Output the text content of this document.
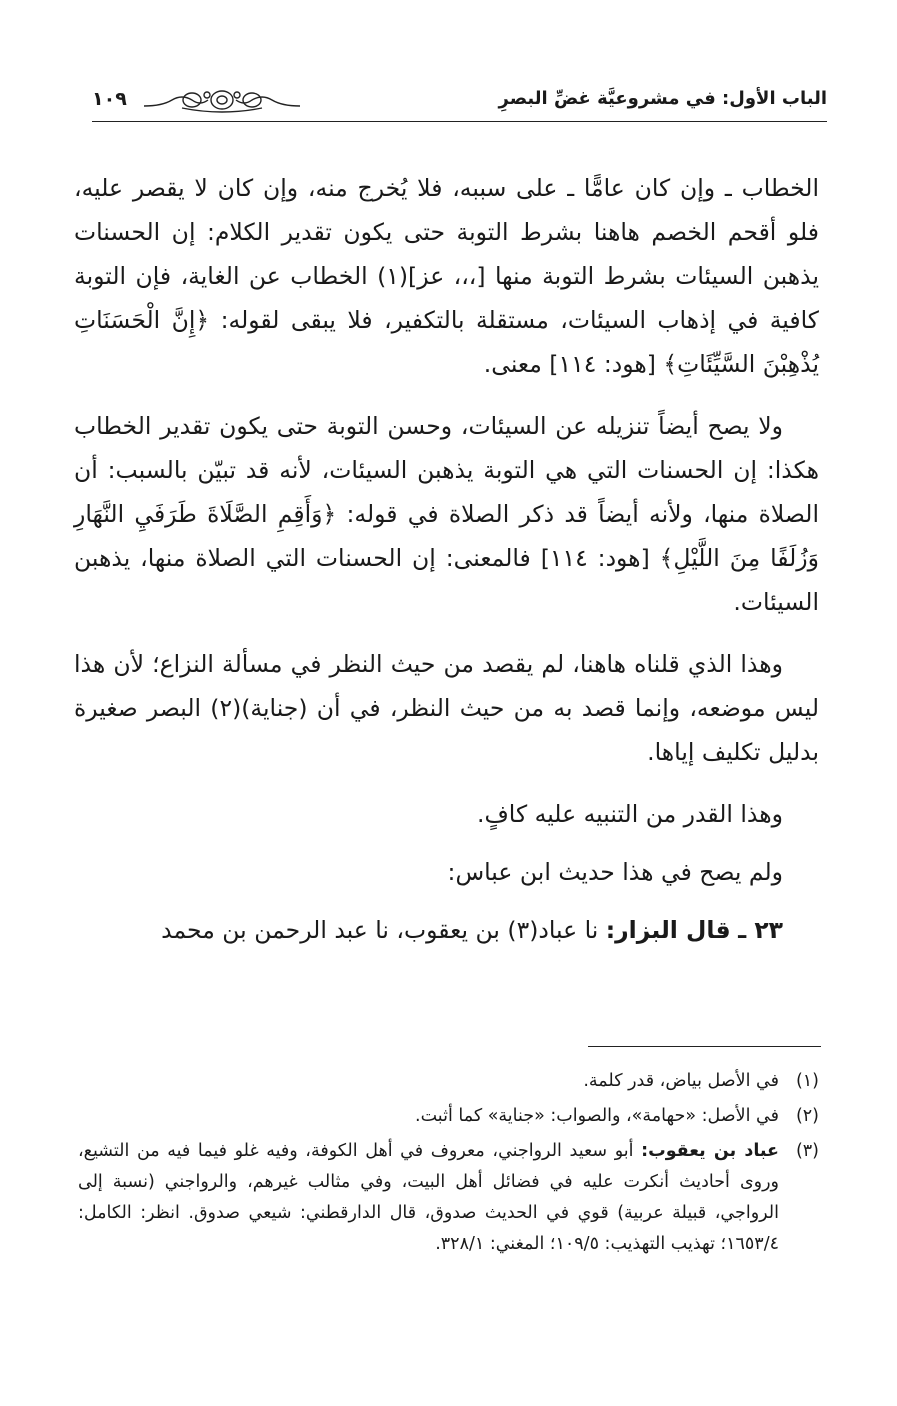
الباب الأول: في مشروعيَّة غضِّ البصرِ
١٠٩

الخطاب ـ وإن كان عامًّا ـ على سببه، فلا يُخرج منه، وإن كان لا يقصر عليه، فلو أقحم الخصم هاهنا بشرط التوبة حتى يكون تقدير الكلام: إن الحسنات يذهبن السيئات بشرط التوبة منها [،،، عز](١) الخطاب عن الغاية، فإن التوبة كافية في إذهاب السيئات، مستقلة بالتكفير، فلا يبقى لقوله: ﴿إِنَّ الْحَسَنَاتِ يُذْهِبْنَ السَّيِّئَاتِ﴾ [هود: ١١٤] معنى.

ولا يصح أيضاً تنزيله عن السيئات، وحسن التوبة حتى يكون تقدير الخطاب هكذا: إن الحسنات التي هي التوبة يذهبن السيئات، لأنه قد تبيّن بالسبب: أن الصلاة منها، ولأنه أيضاً قد ذكر الصلاة في قوله: ﴿وَأَقِمِ الصَّلَاةَ طَرَفَيِ النَّهَارِ وَزُلَفًا مِنَ اللَّيْلِ﴾ [هود: ١١٤] فالمعنى: إن الحسنات التي الصلاة منها، يذهبن السيئات.

وهذا الذي قلناه هاهنا، لم يقصد من حيث النظر في مسألة النزاع؛ لأن هذا ليس موضعه، وإنما قصد به من حيث النظر، في أن (جناية)(٢) البصر صغيرة بدليل تكليف إياها.

وهذا القدر من التنبيه عليه كافٍ.

ولم يصح في هذا حديث ابن عباس:

٢٣ ـ قال البزار: نا عباد(٣) بن يعقوب، نا عبد الرحمن بن محمد

(١)
في الأصل بياض، قدر كلمة.
(٢)
في الأصل: «حهامة»، والصواب: «جناية» كما أثبت.
(٣)
عباد بن يعقوب: أبو سعيد الرواجني، معروف في أهل الكوفة، وفيه غلو فيما فيه من التشيع، وروى أحاديث أنكرت عليه في فضائل أهل البيت، وفي مثالب غيرهم، والرواجني (نسبة إلى الرواجي، قبيلة عربية) قوي في الحديث صدوق، قال الدارقطني: شيعي صدوق. انظر: الكامل: ١٦٥٣/٤؛ تهذيب التهذيب: ١٠٩/٥؛ المغني: ٣٢٨/١.
